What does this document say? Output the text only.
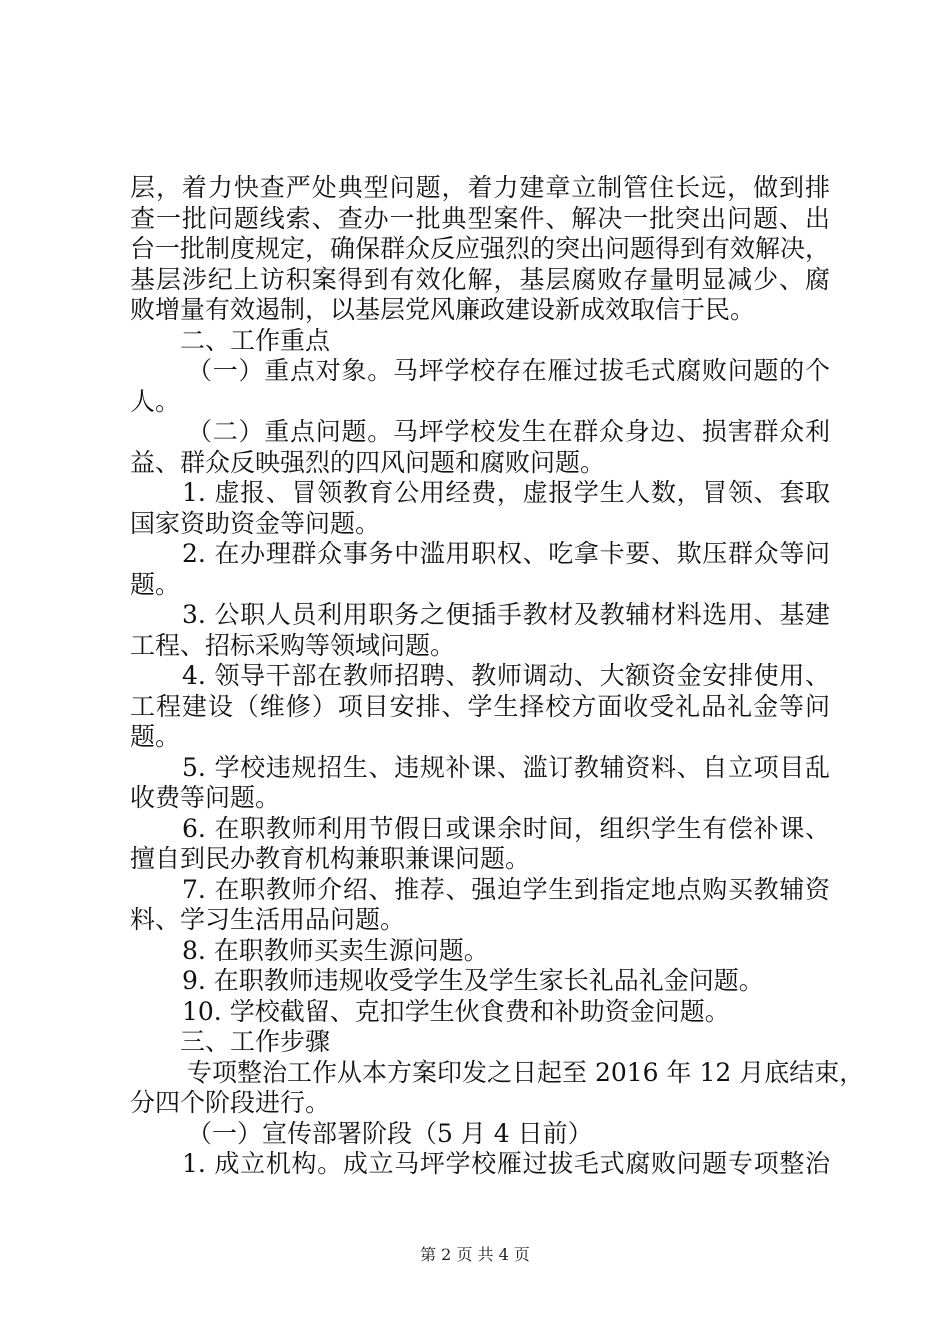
层，着力快查严处典型问题，着力建章立制管住长远，做到排
查一批问题线索、查办一批典型案件、解决一批突出问题、出
台一批制度规定，确保群众反应强烈的突出问题得到有效解决，
基层涉纪上访积案得到有效化解，基层腐败存量明显减少、腐
败增量有效遏制，以基层党风廉政建设新成效取信于民。
二、工作重点
（一）重点对象。马坪学校存在雁过拔毛式腐败问题的个
人。
（二）重点问题。马坪学校发生在群众身边、损害群众利
益、群众反映强烈的四风问题和腐败问题。
1. 虚报、冒领教育公用经费，虚报学生人数，冒领、套取
国家资助资金等问题。
2. 在办理群众事务中滥用职权、吃拿卡要、欺压群众等问
题。
3. 公职人员利用职务之便插手教材及教辅材料选用、基建
工程、招标采购等领域问题。
4. 领导干部在教师招聘、教师调动、大额资金安排使用、
工程建设（维修）项目安排、学生择校方面收受礼品礼金等问
题。
5. 学校违规招生、违规补课、滥订教辅资料、自立项目乱
收费等问题。
6. 在职教师利用节假日或课余时间，组织学生有偿补课、
擅自到民办教育机构兼职兼课问题。
7. 在职教师介绍、推荐、强迫学生到指定地点购买教辅资
料、学习生活用品问题。
8. 在职教师买卖生源问题。
9. 在职教师违规收受学生及学生家长礼品礼金问题。
10. 学校截留、克扣学生伙食费和补助资金问题。
三、工作步骤
专项整治工作从本方案印发之日起至 2016 年 12 月底结束，
分四个阶段进行。
（一）宣传部署阶段（5 月 4 日前）
1. 成立机构。成立马坪学校雁过拔毛式腐败问题专项整治
第 2 页 共 4 页
